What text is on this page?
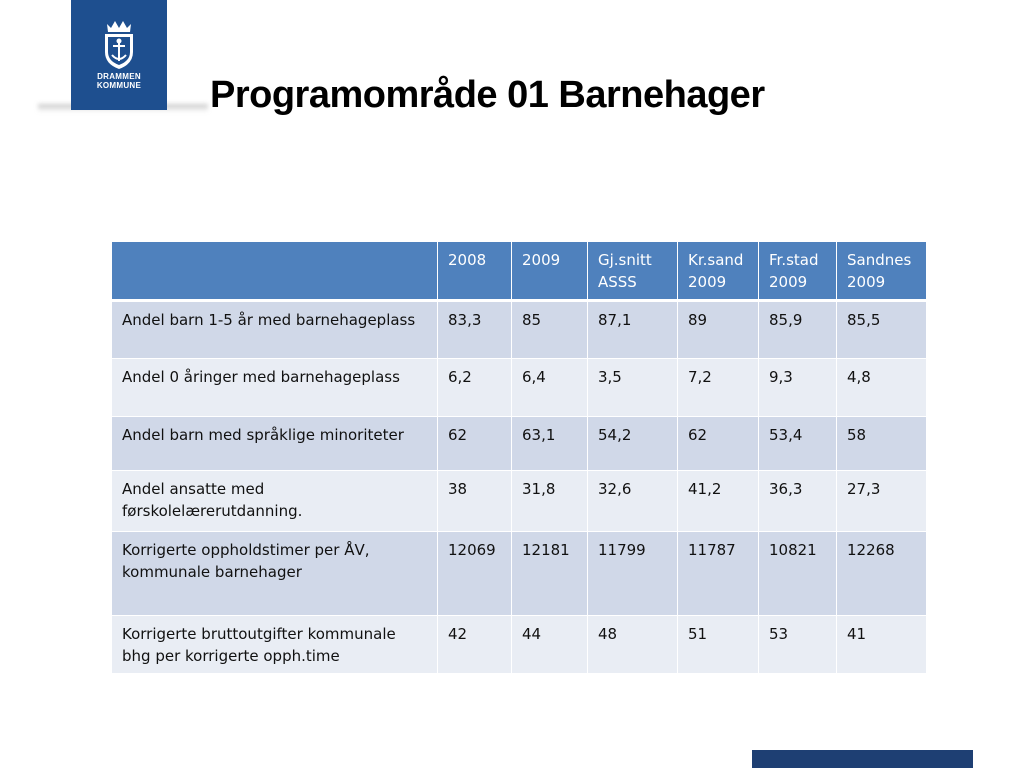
DRAMMEN
KOMMUNE	Programområde 01 Barnehager
	2008	2009	Gj.snitt ASSS	Kr.sand 2009	Fr.stad 2009	Sandnes 2009
Andel barn 1-5 år med barnehageplass	83,3	85	87,1	89	85,9	85,5
Andel 0 åringer med barnehageplass	6,2	6,4	3,5	7,2	9,3	4,8
Andel barn med språklige minoriteter	62	63,1	54,2	62	53,4	58
Andel ansatte med førskolelærerutdanning.	38	31,8	32,6	41,2	36,3	27,3
Korrigerte oppholdstimer per ÅV, kommunale barnehager	12069	12181	11799	11787	10821	12268
Korrigerte bruttoutgifter kommunale bhg per korrigerte opph.time	42	44	48	51	53	41
